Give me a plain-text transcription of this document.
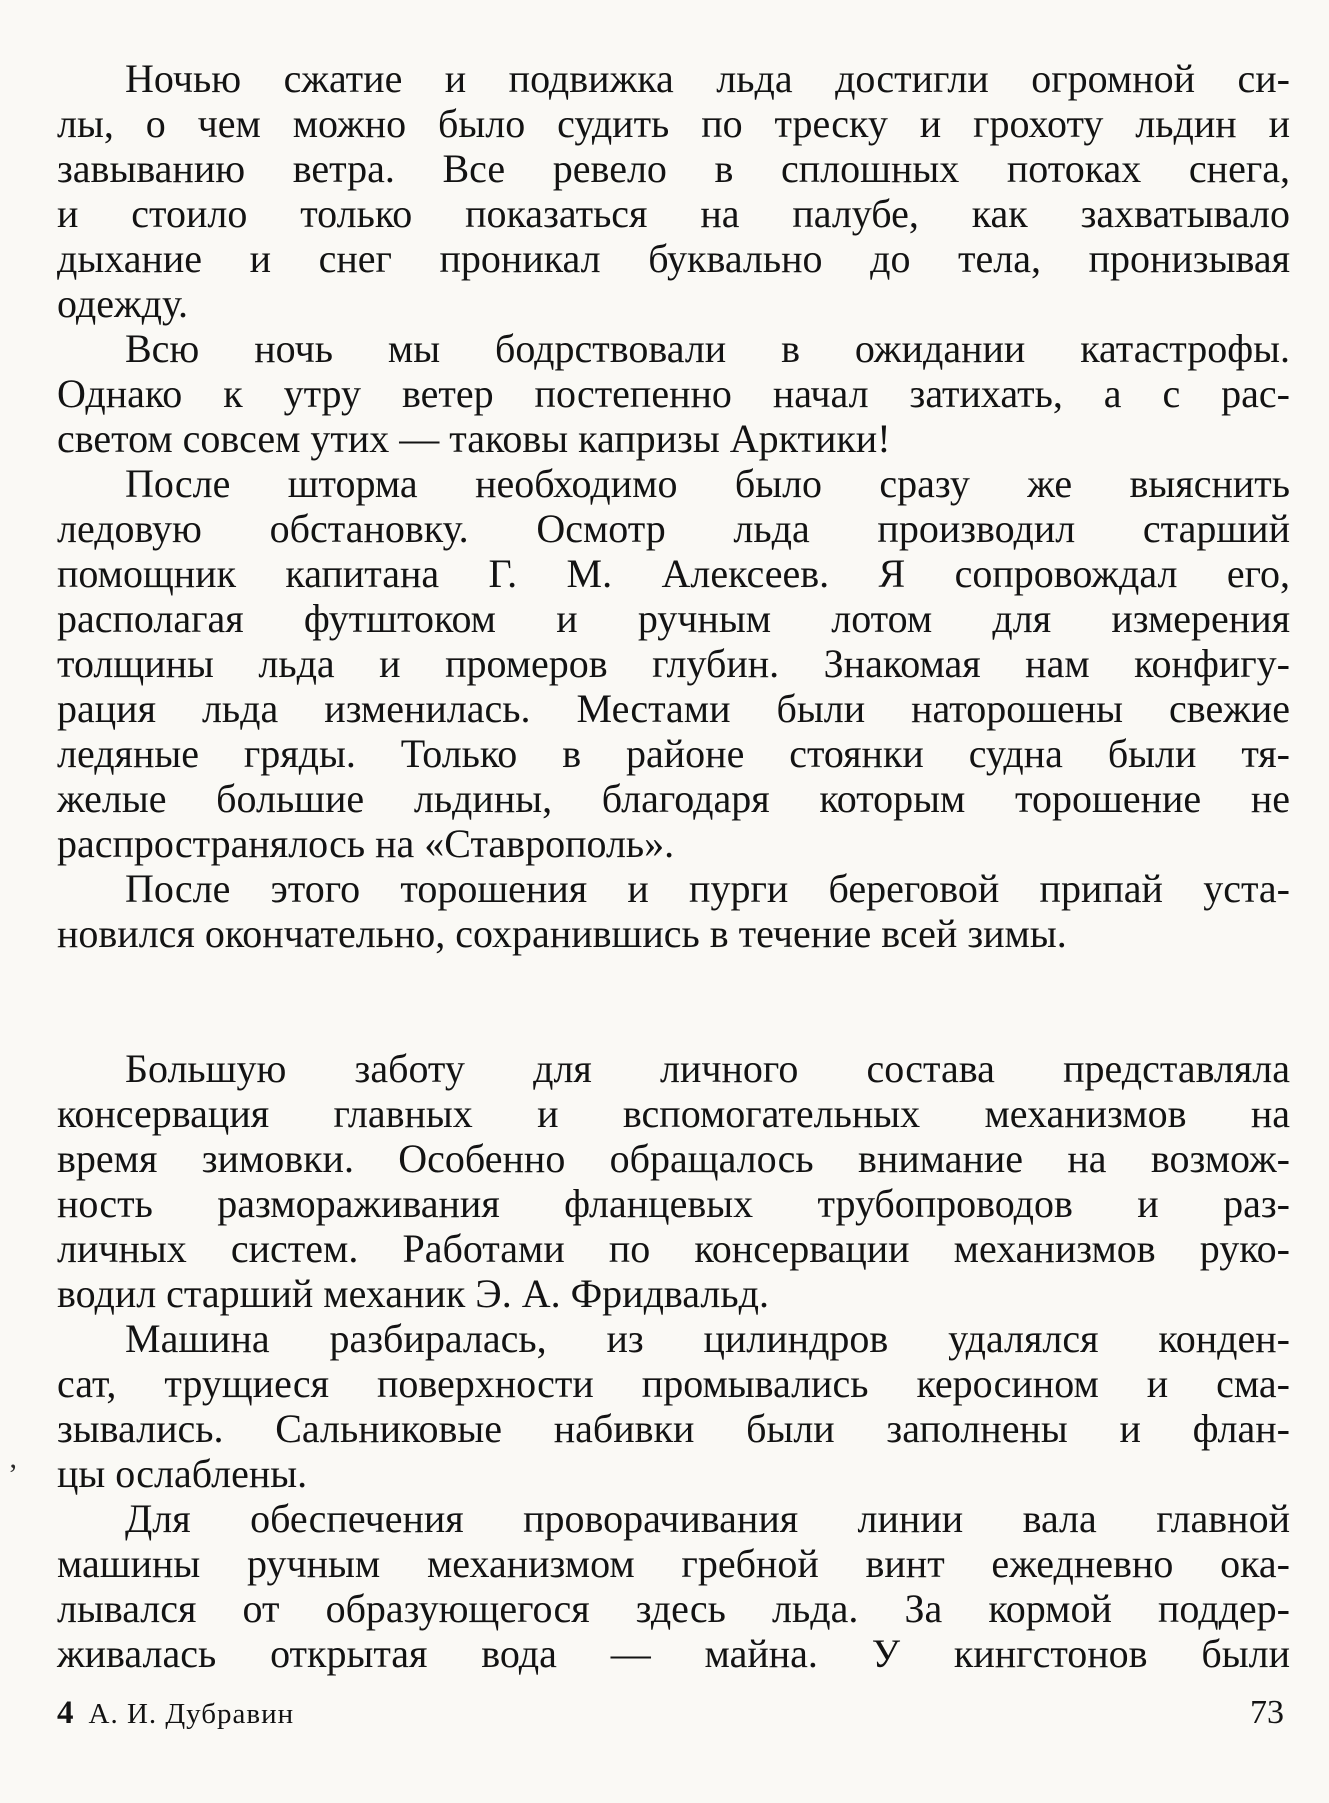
Ночью сжатие и подвижка льда достигли огромной си-
лы, о чем можно было судить по треску и грохоту льдин и
завыванию ветра. Все ревело в сплошных потоках снега,
и стоило только показаться на палубе, как захватывало
дыхание и снег проникал буквально до тела, пронизывая
одежду.
Всю ночь мы бодрствовали в ожидании катастрофы.
Однако к утру ветер постепенно начал затихать, а с рас-
светом совсем утих — таковы капризы Арктики!
После шторма необходимо было сразу же выяснить
ледовую обстановку. Осмотр льда производил старший
помощник капитана Г. М. Алексеев. Я сопровождал его,
располагая футштоком и ручным лотом для измерения
толщины льда и промеров глубин. Знакомая нам конфигу-
рация льда изменилась. Местами были наторошены свежие
ледяные гряды. Только в районе стоянки судна были тя-
желые большие льдины, благодаря которым торошение не
распространялось на «Ставрополь».
После этого торошения и пурги береговой припай уста-
новился окончательно, сохранившись в течение всей зимы.
Большую заботу для личного состава представляла
консервация главных и вспомогательных механизмов на
время зимовки. Особенно обращалось внимание на возмож-
ность размораживания фланцевых трубопроводов и раз-
личных систем. Работами по консервации механизмов руко-
водил старший механик Э. А. Фридвальд.
Машина разбиралась, из цилиндров удалялся конден-
сат, трущиеся поверхности промывались керосином и сма-
зывались. Сальниковые набивки были заполнены и флан-
цы ослаблены.
Для обеспечения проворачивания линии вала главной
машины ручным механизмом гребной винт ежедневно ока-
лывался от образующегося здесь льда. За кормой поддер-
живалась открытая вода — майна. У кингстонов были
4 А. И. Дубравин	73
’
